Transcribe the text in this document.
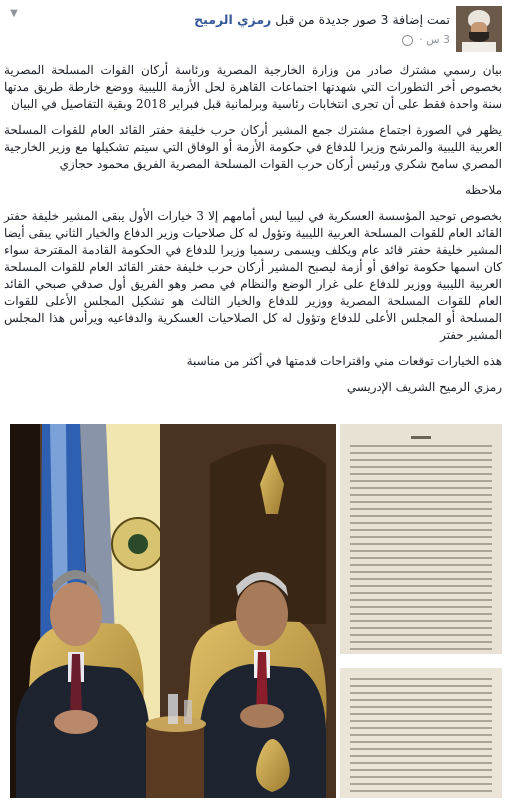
تمت إضافة 3 صور جديدة من قبل رمزي الرميح
3 س ·
▼

بيان رسمي مشترك صادر من وزارة الخارجية المصرية ورئاسة أركان القوات المسلحة المصرية بخصوص أخر التطورات التي شهدتها اجتماعات القاهرة لحل الأزمة الليبية ووضع خارطة طريق مدتها سنة واحدة فقط على أن تجرى انتخابات رئاسية وبرلمانية قبل فبراير 2018 وبقية التفاصيل في البيان

يظهر في الصورة اجتماع مشترك جمع المشير أركان حرب خليفة حفتر القائد العام للقوات المسلحة العربية الليبية والمرشح وزيرا للدفاع في حكومة الأزمة أو الوفاق التي سيتم تشكيلها مع وزير الخارجية المصري سامح شكري ورئيس أركان حرب القوات المسلحة المصرية الفريق محمود حجازي

ملاحظه

بخصوص توحيد المؤسسة العسكرية في ليبيا ليس أمامهم إلا 3 خيارات الأول يبقى المشير خليفة حفتر القائد العام للقوات المسلحة العربية الليبية وتؤول له كل صلاحيات وزير الدفاع والخيار الثاني يبقى أيضا المشير خليفة حفتر قائد عام ويكلف ويسمى رسميا وزيرا للدفاع في الحكومة القادمة المقترحة سواء كان اسمها حكومة توافق أو أزمة ليصبح المشير أركان حرب خليفة حفتر القائد العام للقوات المسلحة العربية الليبية ووزير للدفاع على غرار الوضع والنظام في مصر وهو الفريق أول صدقي صبحي القائد العام للقوات المسلحة المصرية ووزير للدفاع والخيار الثالث هو تشكيل المجلس الأعلى للقوات المسلحة أو المجلس الأعلى للدفاع وتؤول له كل الصلاحيات العسكرية والدفاعيه ويرأس هذا المجلس المشير حفتر

هذه الخيارات توقعات مني واقتراحات قدمتها في أكثر من مناسبة

رمزي الرميح الشريف الإدريسي
